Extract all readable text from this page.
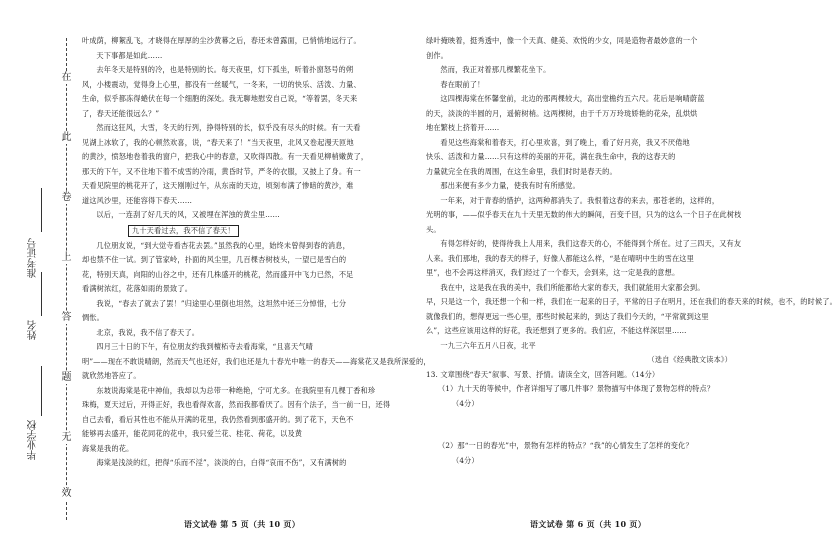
在
此
卷
上
答
题
无
效
准考证号
姓名
毕业学校

叶成荫，柳絮乱飞，才晓得在厚厚的尘沙黄幕之后，春还未曾露面，已悄悄地远行了。

天下事都是如此……

去年冬天是特别的冷，也是特别的长。每天夜里，灯下孤坐，听着扑窗怒号的朔

风，小楼震动，觉得身上心里，都没有一丝暖气，一冬来，一切的快乐、活泼、力量、

生命，似乎都冻得蜷伏在每一个细胞的深处。我无聊地慰安自己说，“等着罢，冬天来

了，春天还能很远么？”

然而这狂风，大雪，冬天的行列，挣得特别的长，似乎没有尽头的时候。有一天看

见湖上冰软了，我的心顿然欢喜，说，“春天来了！”当天夜里，北风又卷起漫天匝地

的黄沙，愤怒地卷着我的窗户，把我心中的春意，又吹得四散。有一天看见柳梢嫩黄了，

那天的下午，又不住地下着不成雪的冷雨，黄昏时节，严冬的衣服，又披上了身。有一

天看见院里的桃花开了，这天刚刚过午，从东南的天边，顷刻布满了惨暗的黄沙，难

道这风沙里，还能容得下春天……

以后，一连刮了好几天的风，又被埋在浑浊的黄尘里……

九十天看过去，我不信了春天！

几位朋友说，“到大觉寺看杏花去罢。”虽然我的心里，始终未曾得到春的消息，

却也禁不住一试。到了管家岭，扑面的风尘里，几百棵杏树枝头，一望已是雪白的

花，特别天真，向阳的山谷之中，还有几株盛开的桃花，然而盛开中飞力已然，不足

看满树浓红，花落如雨的景致了。

我说，“春去了就去了罢！”归途里心里倒也坦然，这坦然中还三分悼惜，七分

惆怅。

北京，我说，我不信了春天了。

四月三十日的下午，有位朋友约我到檀柘寺去看海棠，“且喜天气晴

明”——现在不敢说晴朗，然而天气也还好，我们也还是九十春光中唯一的春天——海棠花又是我所深爱的，

就欣然地答应了。

东坡说海棠是花中神仙，我却以为总带一种绝艳，宁可尤多。在我院里有几棵丁香和珍

珠梅，夏天过后，开得正好，我也看得欢喜，然而我都看厌了。因有个法子，当一前一日，还得

自己去看，看后其性也不能从开满的花里，我仍然看到那盛开的。到了花下，天色不

能够再去盛开，能花同花的花中，我只爱兰花、桂花、荷花，以及黄

海棠是我的花。

海棠是浅淡的红，把得“乐而不淫”，淡淡的白，白得“哀而不伤”，又有满树的

语文试卷 第 5 页（共 10 页）

绿叶掩映着，挺秀透中，像一个天真、健美、欢悦的少女，同是造物者最妙意的一个

创作。

然而，我正对着那几棵繁花坐下。

春在眼前了！

这四棵海棠在怀馨堂前，北边的那两棵较大，高出堂檐约五六尺。花后是响晴蔚蓝

的天，淡淡的半圆的月，遥俯树梢。这两棵树，由于千万万玲珑娇艳的花朵，乱烘烘

地在繁枝上挤着开……

看见这些海棠和着春天，打心里欢喜，到了晚上，看了好月亮，我又不厌倦地

快乐、活泼和力量……只有这样的美丽的开花，满在我生命中，我的这春天的

力量就完全在我的周围，在这生命里，我们时时是春天的。

那出来便有多少力量，使我有时有所感觉。

一年来，对于青春的惜护，这两种都消失了。我恨着这春的来去，那苍老的，这样的，

光明的事，——似乎春天在九十天里无数的伟大的瞬间，百变千回，只为的这么一个日子在此树枝

头。

有得怎样好的，使得待我上人用来，我们这春天的心，不能得到个所在。过了三四天，又有友

人来。我们那地，我的春天的样子，好像人都能这么样，“是在晴明中生的雪在这里

里”，也不会再这样消灭，我们经过了一个春天，会到来，这一定是我的意想。

我在中，这是我在我的美中，我们所能都给大家的春天，我们就能用大家都会到。

早，只是这一个，我还想一个和一样，我们在一起来的日子，平常的日子在明月，还在我们的春天来的时候，也不，的时候了。

就像我们的，想得更远一些心里，那些时候起来的，到达了我们今天的，“平常就到这里

么”，这些应该用这样的好花，我还想到了更多的。我们应，不能这样深层里……

一九三六年五月八日夜，北平

（选自《经典散文读本》）

13. 文章围绕“春天”叙事、写景、抒情。请读全文，回答问题。（14分）

（1）九十天的等候中，作者详细写了哪几件事？景物描写中体现了景物怎样的特点？

（4分）

（2）那“一日的春光”中，景物有怎样的特点？“我”的心情发生了怎样的变化？

（4分）

语文试卷 第 6 页（共 10 页）
